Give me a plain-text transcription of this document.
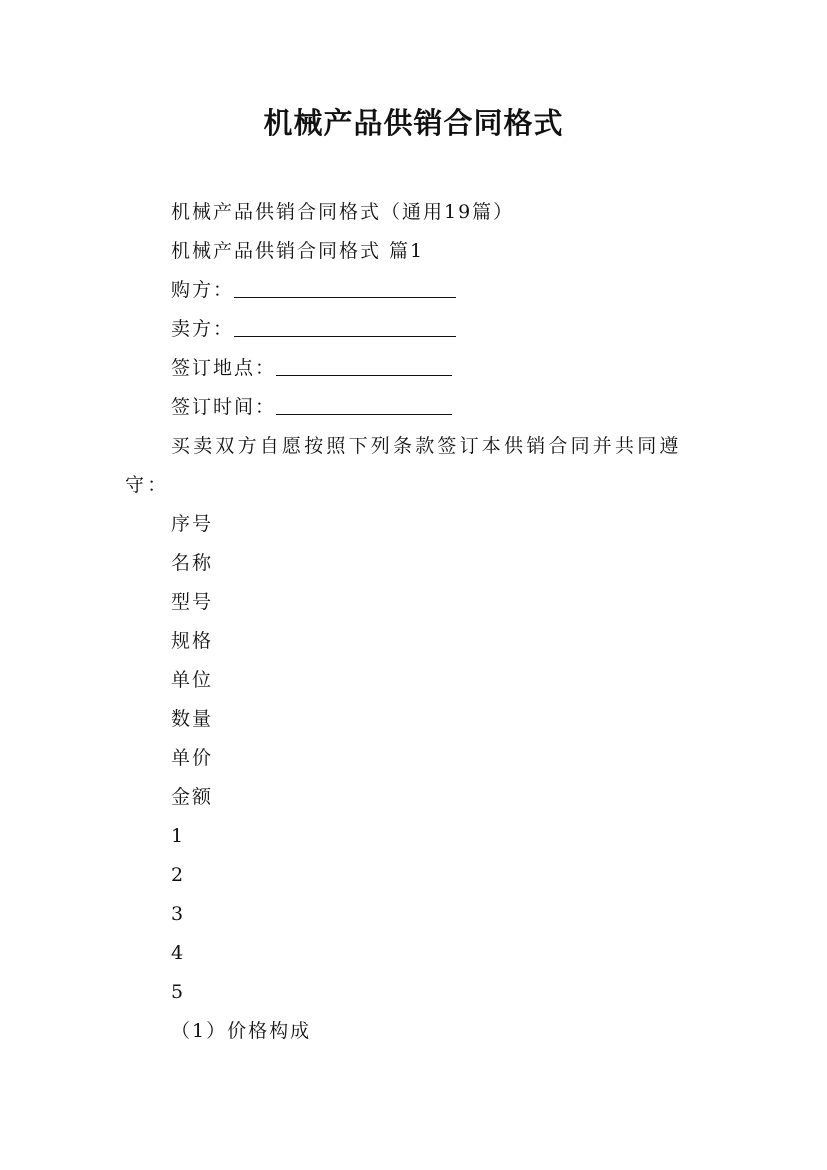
机械产品供销合同格式

机械产品供销合同格式（通用19篇）

机械产品供销合同格式 篇1

购方：

卖方：

签订地点：

签订时间：

买卖双方自愿按照下列条款签订本供销合同并共同遵守：

序号

名称

型号

规格

单位

数量

单价

金额

1

2

3

4

5

（1）价格构成
